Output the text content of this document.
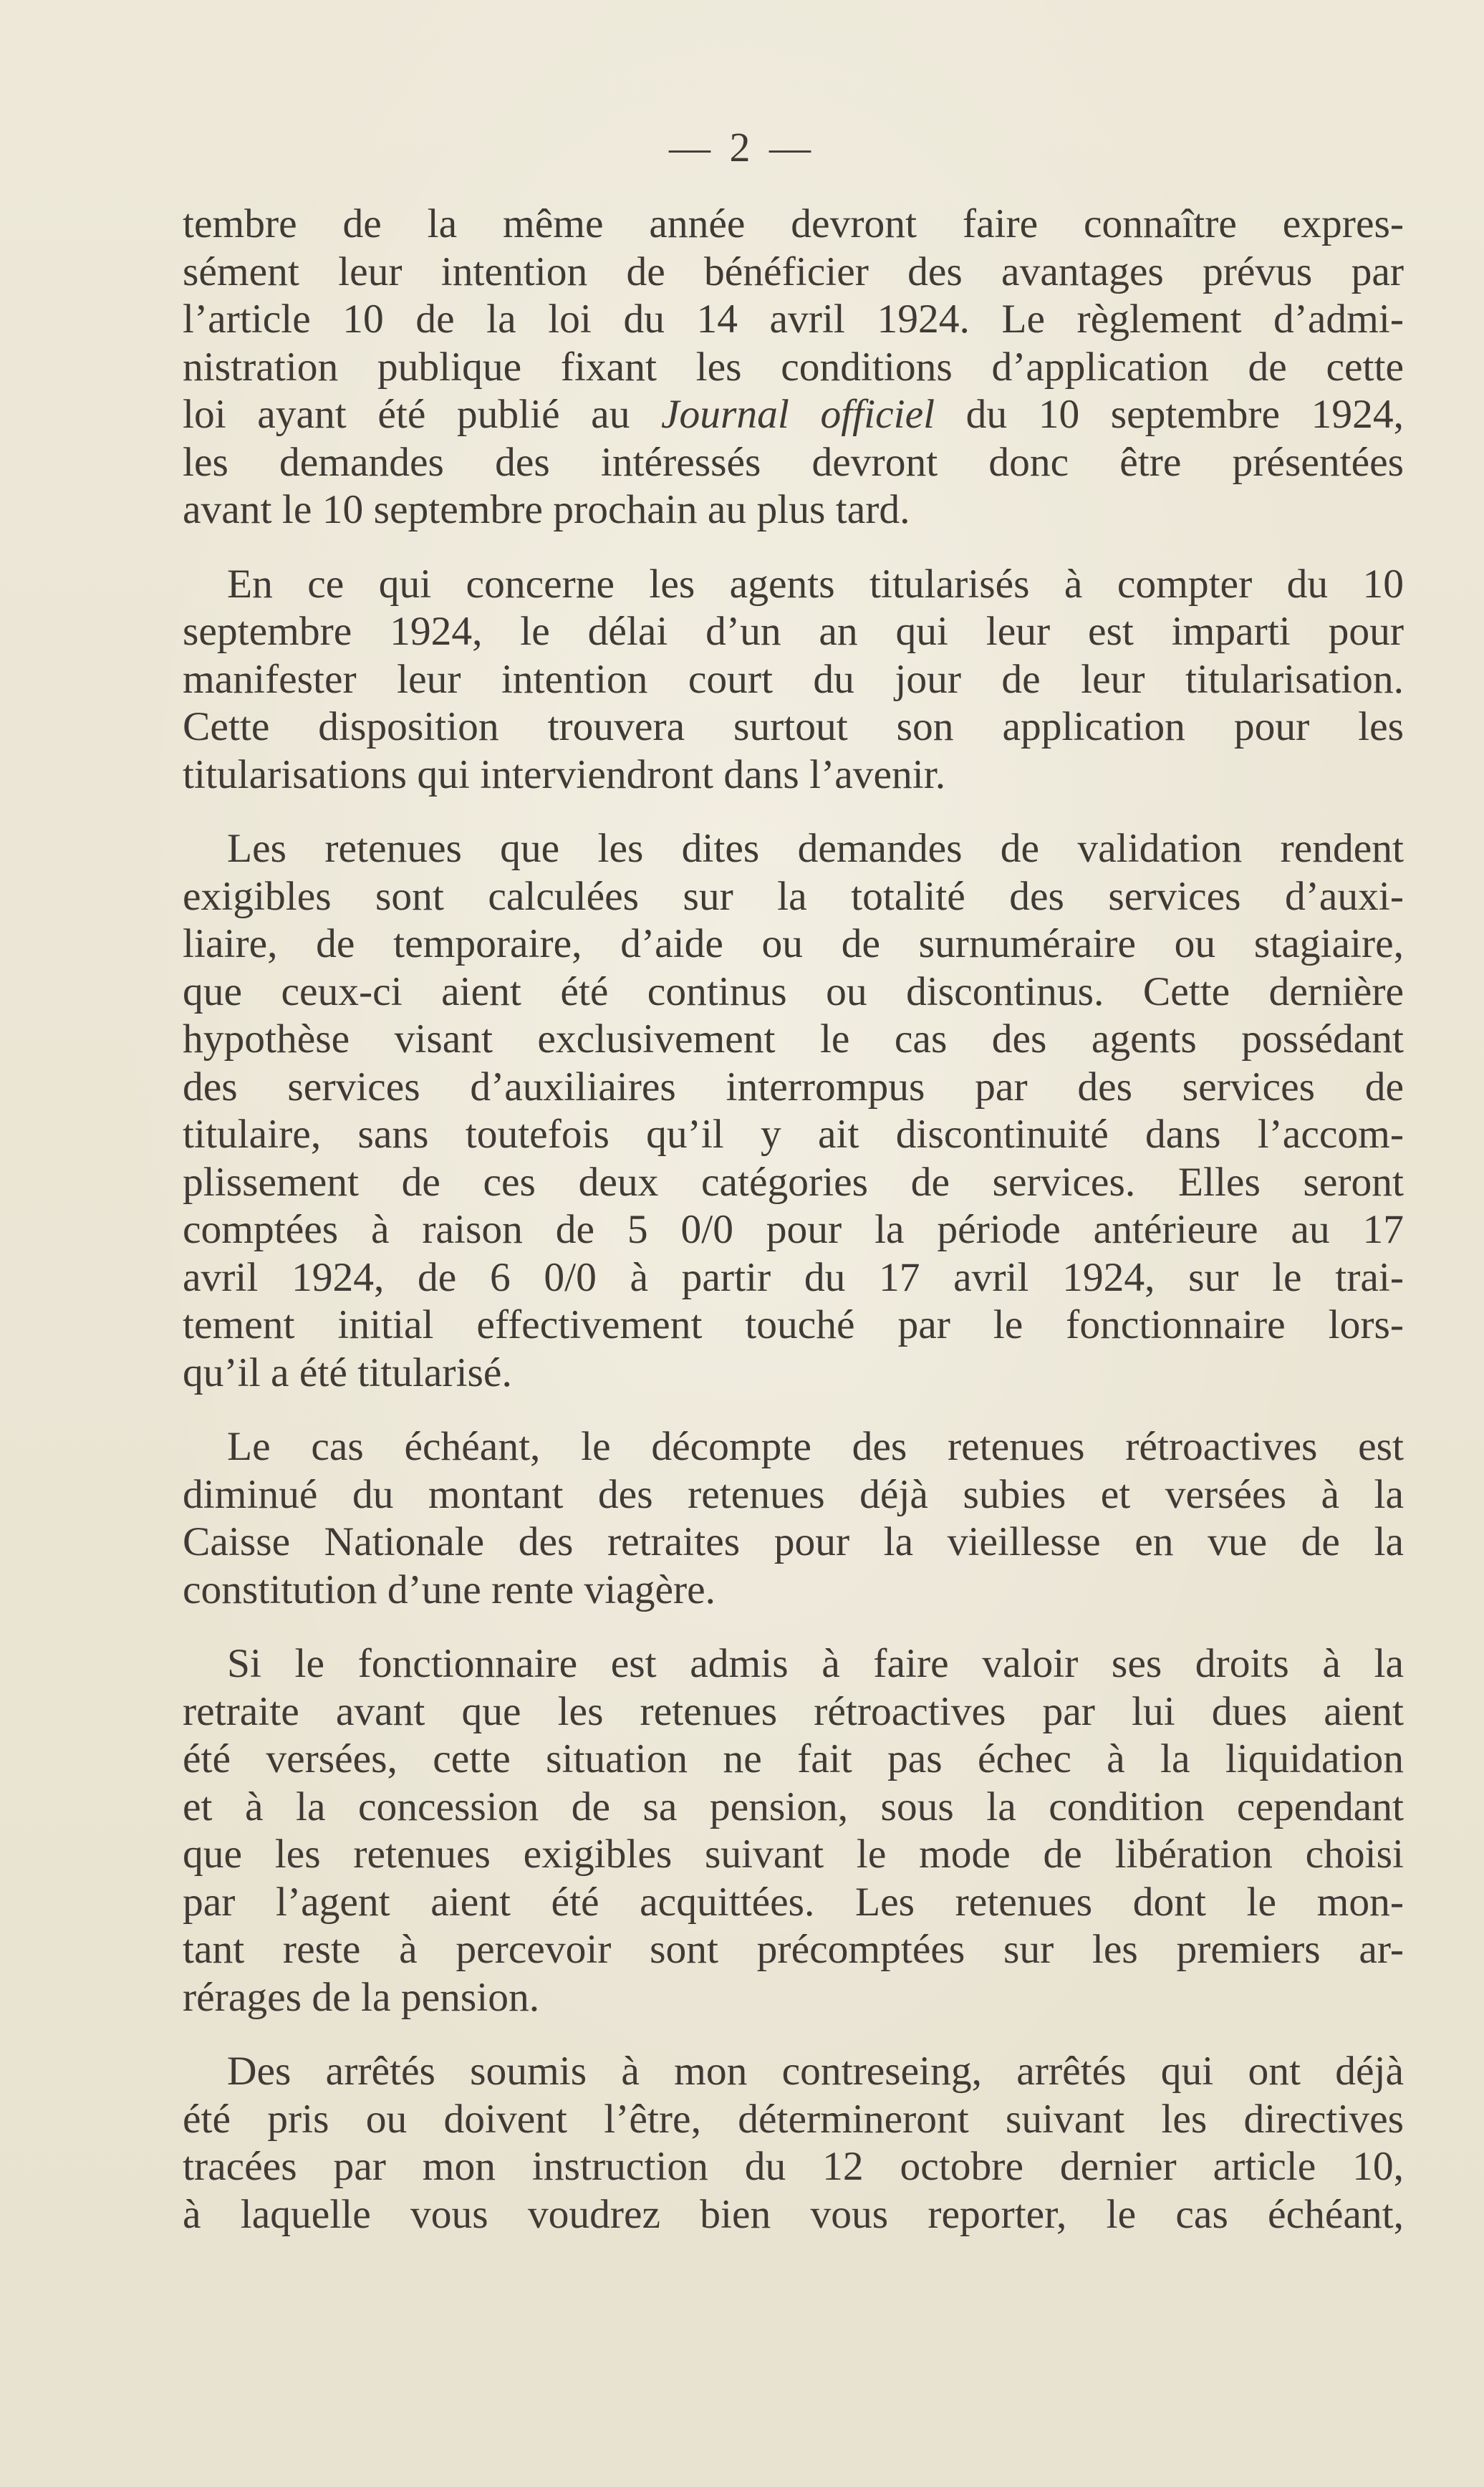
— 2 —
tembre de la même année devront faire connaître expres-
sément leur intention de bénéficier des avantages prévus par
l’article 10 de la loi du 14 avril 1924. Le règlement d’admi-
nistration publique fixant les conditions d’application de cette
loi ayant été publié au Journal officiel du 10 septembre 1924,
les demandes des intéressés devront donc être présentées
avant le 10 septembre prochain au plus tard.
En ce qui concerne les agents titularisés à compter du 10
septembre 1924, le délai d’un an qui leur est imparti pour
manifester leur intention court du jour de leur titularisation.
Cette disposition trouvera surtout son application pour les
titularisations qui interviendront dans l’avenir.
Les retenues que les dites demandes de validation rendent
exigibles sont calculées sur la totalité des services d’auxi-
liaire, de temporaire, d’aide ou de surnuméraire ou stagiaire,
que ceux-ci aient été continus ou discontinus. Cette dernière
hypothèse visant exclusivement le cas des agents possédant
des services d’auxiliaires interrompus par des services de
titulaire, sans toutefois qu’il y ait discontinuité dans l’accom-
plissement de ces deux catégories de services. Elles seront
comptées à raison de 5 0/0 pour la période antérieure au 17
avril 1924, de 6 0/0 à partir du 17 avril 1924, sur le trai-
tement initial effectivement touché par le fonctionnaire lors-
qu’il a été titularisé.
Le cas échéant, le décompte des retenues rétroactives est
diminué du montant des retenues déjà subies et versées à la
Caisse Nationale des retraites pour la vieillesse en vue de la
constitution d’une rente viagère.
Si le fonctionnaire est admis à faire valoir ses droits à la
retraite avant que les retenues rétroactives par lui dues aient
été versées, cette situation ne fait pas échec à la liquidation
et à la concession de sa pension, sous la condition cependant
que les retenues exigibles suivant le mode de libération choisi
par l’agent aient été acquittées. Les retenues dont le mon-
tant reste à percevoir sont précomptées sur les premiers ar-
rérages de la pension.
Des arrêtés soumis à mon contreseing, arrêtés qui ont déjà
été pris ou doivent l’être, détermineront suivant les directives
tracées par mon instruction du 12 octobre dernier article 10,
à laquelle vous voudrez bien vous reporter, le cas échéant,
